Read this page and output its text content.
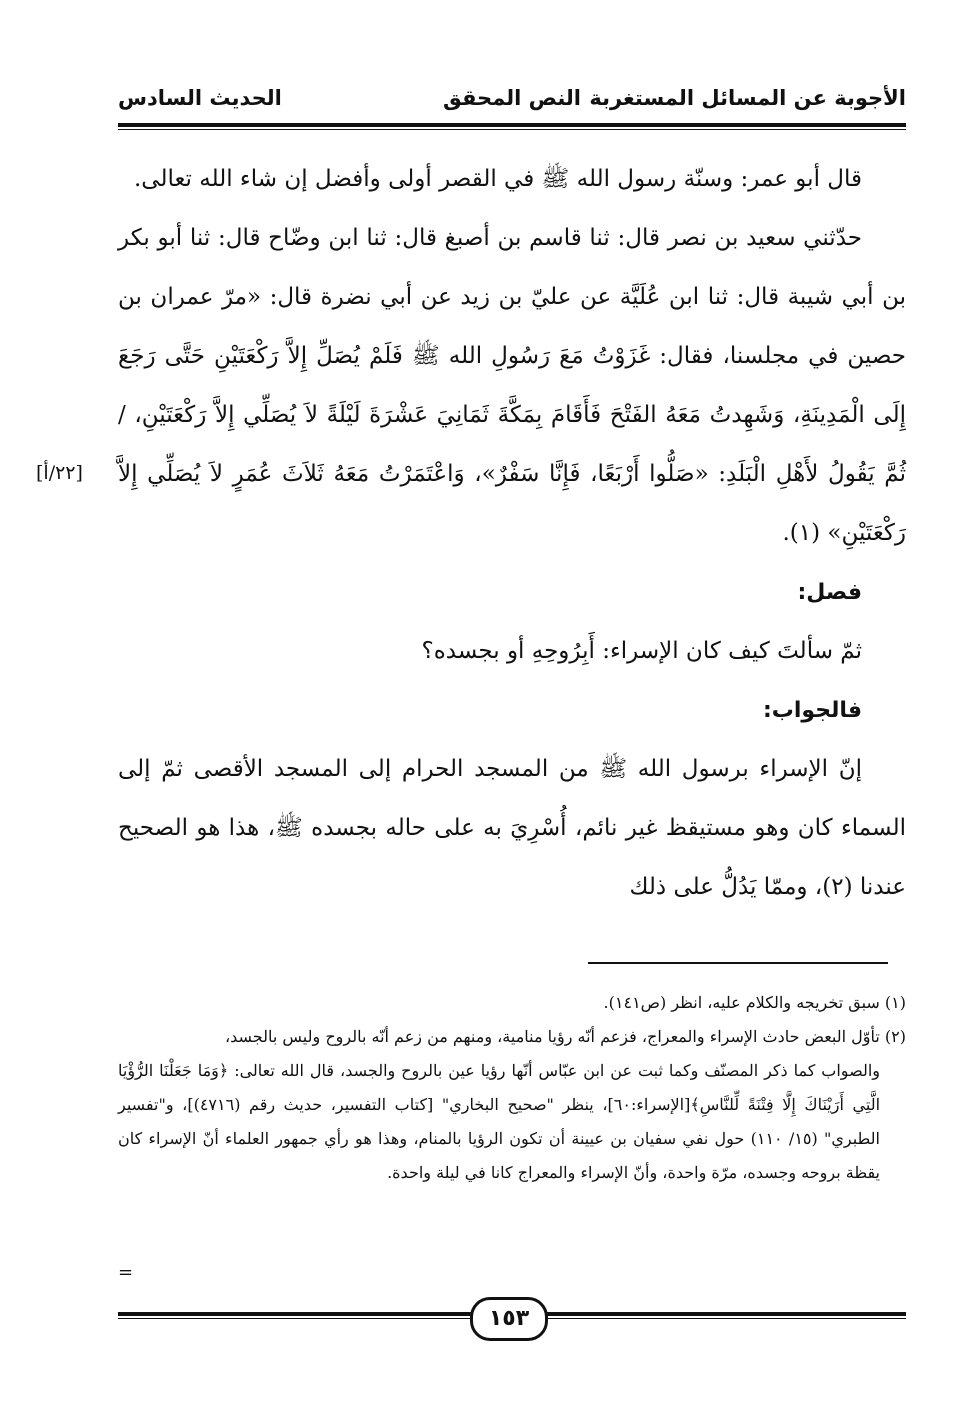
الأجوبة عن المسائل المستغربة
النص المحقق
الحديث السادس

قال أبو عمر: وسنّة رسول الله ﷺ في القصر أولى وأفضل إن شاء الله تعالى.

حدّثني سعيد بن نصر قال: ثنا قاسم بن أصبغ قال: ثنا ابن وضّاح قال: ثنا أبو بكر بن أبي شيبة قال: ثنا ابن عُلَيَّة عن عليّ بن زيد عن أبي نضرة قال: «مرّ عمران بن حصين في مجلسنا، فقال: غَزَوْتُ مَعَ رَسُولِ الله ﷺ فَلَمْ يُصَلِّ إِلاَّ رَكْعَتَيْنِ حَتَّى رَجَعَ إِلَى الْمَدِينَةِ، وَشَهِدتُ مَعَهُ الفَتْحَ فَأَقَامَ بِمَكَّةَ ثَمَانِيَ عَشْرَةَ لَيْلَةً لاَ يُصَلِّي إِلاَّ رَكْعَتَيْنِ، / ثُمَّ يَقُولُ لأَهْلِ الْبَلَدِ: «صَلُّوا أَرْبَعًا، فَإِنَّا سَفْرٌ»، وَاعْتَمَرْتُ مَعَهُ ثَلاَثَ عُمَرٍ لاَ يُصَلِّي إِلاَّ رَكْعَتَيْنِ» (١).

فصل:

ثمّ سألتَ كيف كان الإسراء: أَبِرُوحِهِ أو بجسده؟

فالجواب:

إنّ الإسراء برسول الله ﷺ من المسجد الحرام إلى المسجد الأقصى ثمّ إلى السماء كان وهو مستيقظ غير نائم، أُسْرِيَ به على حاله بجسده ﷺ، هذا هو الصحيح عندنا (٢)، وممّا يَدُلُّ على ذلك

[٢٢/أ]

(١) سبق تخريجه والكلام عليه، انظر (ص١٤١).

(٢) تأوّل البعض حادث الإسراء والمعراج، فزعم أنّه رؤيا منامية، ومنهم من زعم أنّه بالروح وليس بالجسد،

والصواب كما ذكر المصنّف وكما ثبت عن ابن عبّاس أنّها رؤيا عين بالروح والجسد، قال الله تعالى: ﴿وَمَا جَعَلْنَا الرُّؤْيَا الَّتِي أَرَيْنَاكَ إِلَّا فِتْنَةً لِّلنَّاسِ﴾[الإسراء:٦٠]، ينظر "صحيح البخاري" [كتاب التفسير، حديث رقم (٤٧١٦)]، و"تفسير الطبري" (١٥/ ١١٠) حول نفي سفيان بن عيينة أن تكون الرؤيا بالمنام، وهذا هو رأي جمهور العلماء أنّ الإسراء كان يقظة بروحه وجسده، مرّة واحدة، وأنّ الإسراء والمعراج كانا في ليلة واحدة.

=
١٥٣
